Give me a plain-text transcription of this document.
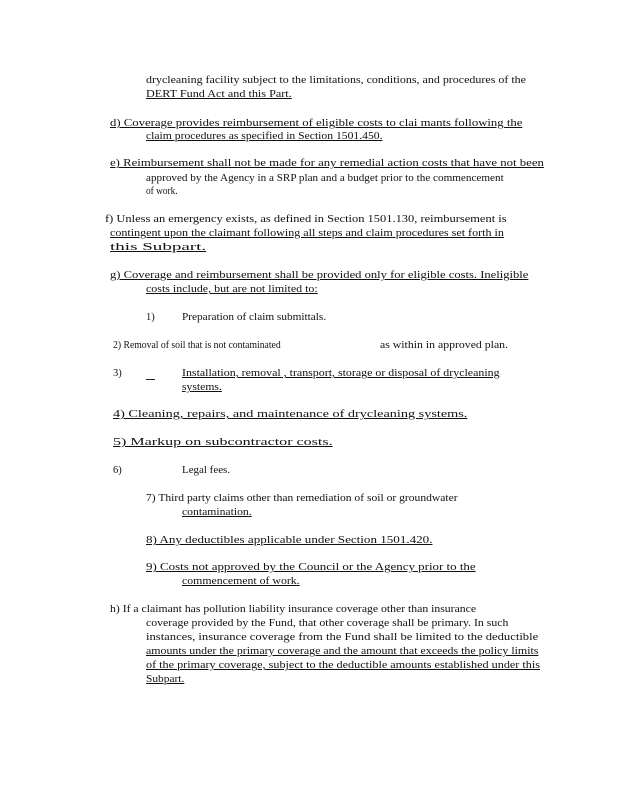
drycleaning facility subject to the limitations, conditions, and procedures of the
DERT Fund Act and this Part.
d) Coverage provides reimbursement of eligible costs to clai mants following the
claim procedures as specified in Section 1501.450.
e) Reimbursement shall not be made for any remedial action costs that have not been
approved by the Agency in a SRP plan and a budget prior to the commencement
of work.
f) Unless an emergency exists, as defined in Section 1501.130, reimbursement is
contingent upon the claimant following all steps and claim procedures set forth in
this Subpart.
g) Coverage and reimbursement shall be provided only for eligible costs. Ineligible
costs include, but are not limited to:
1)	Preparation of claim submittals.
2) Removal of soil that is not contaminated	as within in approved plan.
3)	Installation, removal , transport, storage or disposal of drycleaning
systems.
4) Cleaning, repairs, and maintenance of drycleaning systems.
5) Markup on subcontractor costs.
6)	Legal fees.
7) Third party claims other than remediation of soil or groundwater
contamination.
8) Any deductibles applicable under Section 1501.420.
9) Costs not approved by the Council or the Agency prior to the
commencement of work.
h) If a claimant has pollution liability insurance coverage other than insurance
coverage provided by the Fund, that other coverage shall be primary. In such
instances, insurance coverage from the Fund shall be limited to the deductible
amounts under the primary coverage and the amount that exceeds the policy limits
of the primary coverage, subject to the deductible amounts established under this
Subpart.
